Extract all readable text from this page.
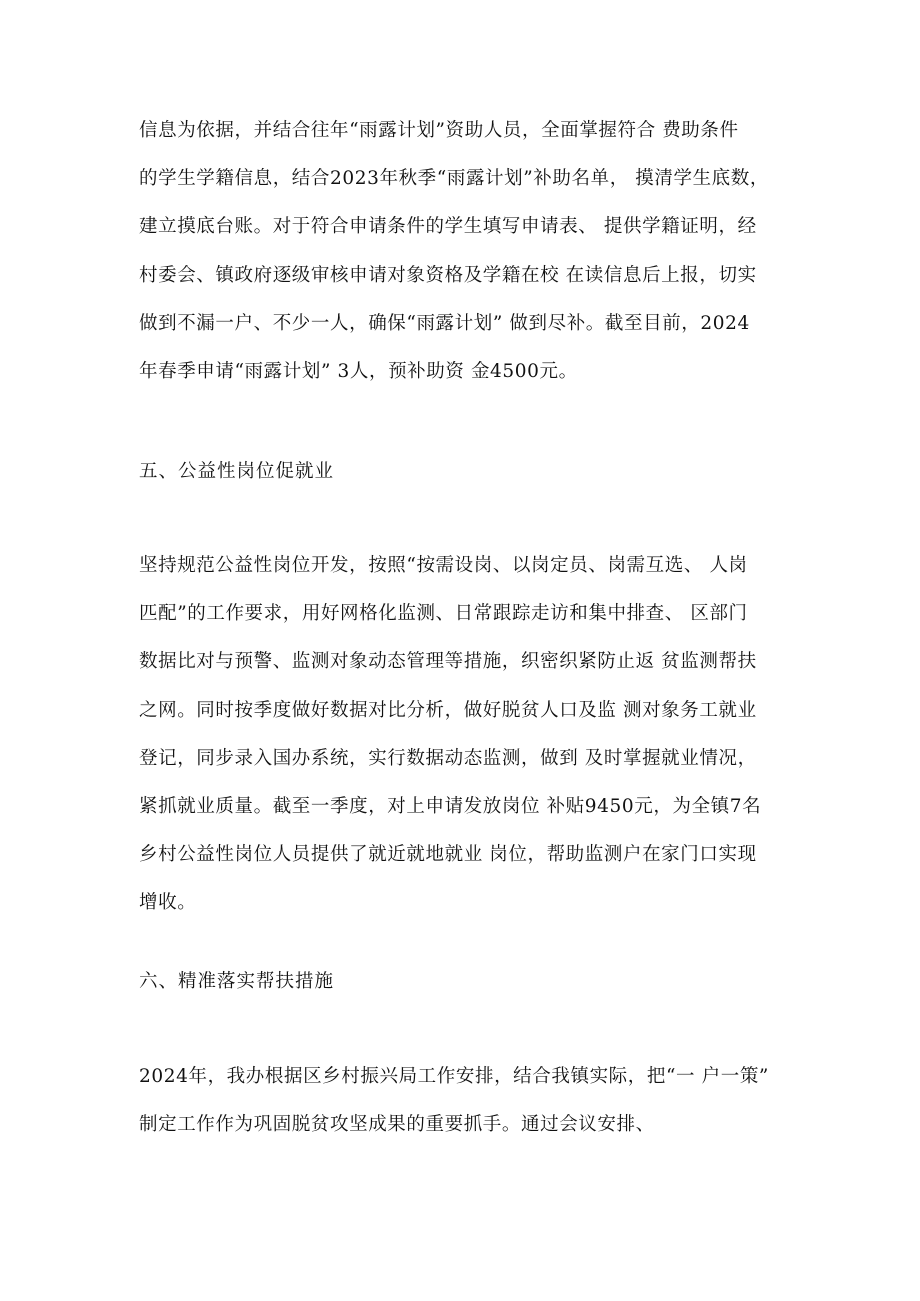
信息为依据，并结合往年“雨露计划”资助人员，全面掌握符合 费助条件
的学生学籍信息，结合2023年秋季“雨露计划”补助名单， 摸清学生底数，
建立摸底台账。对于符合申请条件的学生填写申请表、 提供学籍证明，经
村委会、镇政府逐级审核申请对象资格及学籍在校 在读信息后上报，切实
做到不漏一户、不少一人，确保“雨露计划” 做到尽补。截至目前，2024
年春季申请“雨露计划” 3人，预补助资 金4500元。
五、公益性岗位促就业
坚持规范公益性岗位开发，按照“按需设岗、以岗定员、岗需互选、 人岗
匹配”的工作要求，用好网格化监测、日常跟踪走访和集中排查、 区部门
数据比对与预警、监测对象动态管理等措施，织密织紧防止返 贫监测帮扶
之网。同时按季度做好数据对比分析，做好脱贫人口及监 测对象务工就业
登记，同步录入国办系统，实行数据动态监测，做到 及时掌握就业情况，
紧抓就业质量。截至一季度，对上申请发放岗位 补贴9450元，为全镇7名
乡村公益性岗位人员提供了就近就地就业 岗位，帮助监测户在家门口实现
增收。
六、精准落实帮扶措施
2024年，我办根据区乡村振兴局工作安排，结合我镇实际，把“一 户一策”
制定工作作为巩固脱贫攻坚成果的重要抓手。通过会议安排、
